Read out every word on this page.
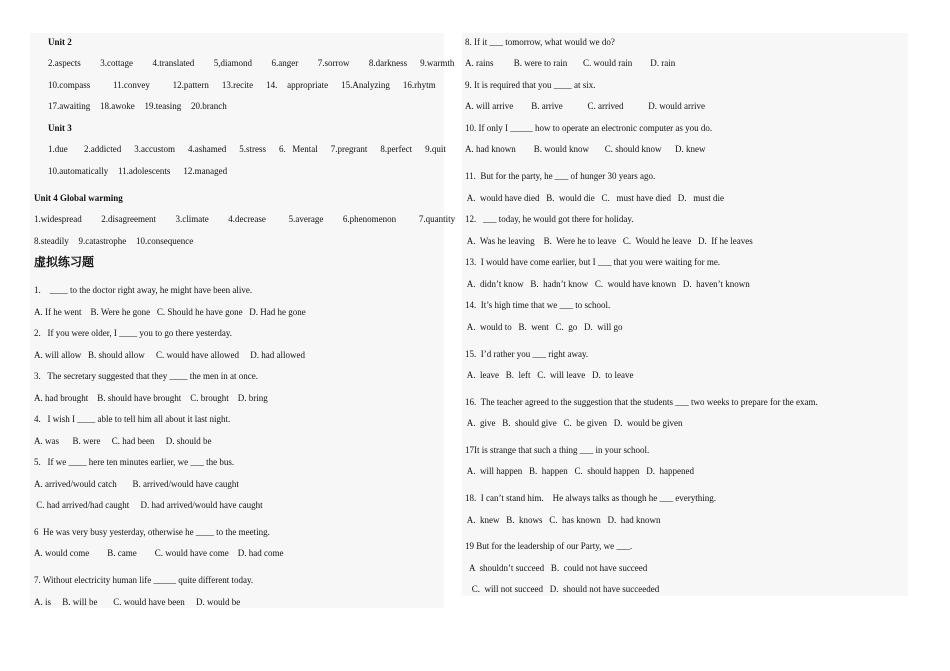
Unit 2
2.aspects      3.cottage      4.translated      5,diamond      6.anger      7.sorrow      8.darkness    9.warmth
10.compass       11.convey       12.pattern    13.recite    14.   appropriate    15.Analyzing    16.rhytm
17.awaiting   18.awoke   19.teasing   20.branch
Unit 3
1.due     2.addicted    3.accustom    4.ashamed    5.stress    6.  Mental    7.pregrant    8.perfect    9.quit
10.automatically   11.adolescents    12.managed
Unit 4 Global warming
1.widespread      2.disagreement      3.climate      4.decrease       5.average      6.phenomenon       7.quantity
8.steadily   9.catastrophe   10.consequence
虚拟练习题
1.    ____ to the doctor right away, he might have been alive.
A. If he went    B. Were he gone   C. Should he have gone   D. Had he gone
2.   If you were older, I ____ you to go there yesterday.
A. will allow   B. should allow     C. would have allowed     D. had allowed
3.   The secretary suggested that they ____ the men in at once.
A. had brought    B. should have brought    C. brought    D. bring
4.   I wish I ____ able to tell him all about it last night.
A. was      B. were     C. had been     D. should be
5.   If we ____ here ten minutes earlier, we ___ the bus.
A. arrived/would catch       B. arrived/would have caught
C. had arrived/had caught     D. had arrived/would have caught
6  He was very busy yesterday, otherwise he ____ to the meeting.
A. would come        B. came        C. would have come    D. had come
7. Without electricity human life _____ quite different today.
A. is     B. will be       C. would have been     D. would be
8. If it ___ tomorrow, what would we do?
A. rains         B. were to rain       C. would rain        D. rain
9. It is required that you ____ at six.
A. will arrive        B. arrive           C. arrived           D. would arrive
10. If only I _____ how to operate an electronic computer as you do.
A. had known        B. would know       C. should know      D. knew
11.  But for the party, he ___ of hunger 30 years ago.
A.  would have died   B.  would die   C.   must have died   D.   must die
12.   ___ today, he would got there for holiday.
A.  Was he leaving    B.  Were he to leave   C.  Would he leave   D.  If he leaves
13.  I would have come earlier, but I ___ that you were waiting for me.
A.  didn’t know   B.  hadn’t know   C.  would have known   D.  haven’t known
14.  It’s high time that we ___ to school.
A.  would to   B.  went   C.  go   D.  will go
15.  I’d rather you ___ right away.
A.  leave   B.  left   C.  will leave   D.  to leave
16.  The teacher agreed to the suggestion that the students ___ two weeks to prepare for the exam.
A.  give   B.  should give   C.  be given   D.  would be given
17It is strange that such a thing ___ in your school.
A.  will happen   B.  happen   C.  should happen   D.  happened
18.  I can’t stand him.    He always talks as though he ___ everything.
A.  knew   B.  knows   C.  has known   D.  had known
19 But for the leadership of our Party, we ___.
A  shouldn’t succeed   B.  could not have succeed
C.  will not succeed   D.  should not have succeeded
